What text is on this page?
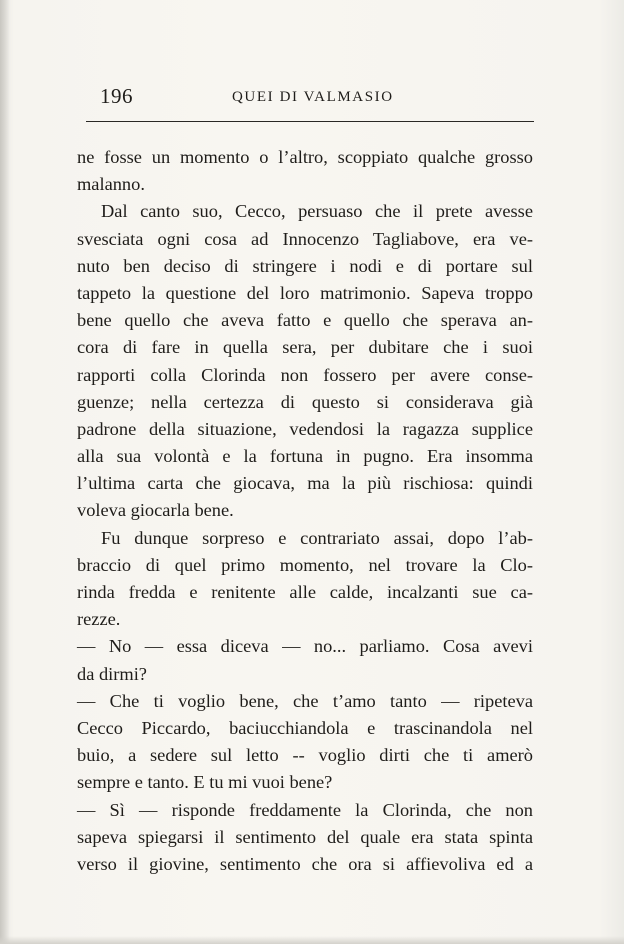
196	QUEI DI VALMASIO
ne fosse un momento o l’altro, scoppiato qualche grosso
malanno.
Dal canto suo, Cecco, persuaso che il prete avesse
svesciata ogni cosa ad Innocenzo Tagliabove, era ve-
nuto ben deciso di stringere i nodi e di portare sul
tappeto la questione del loro matrimonio. Sapeva troppo
bene quello che aveva fatto e quello che sperava an-
cora di fare in quella sera, per dubitare che i suoi
rapporti colla Clorinda non fossero per avere conse-
guenze; nella certezza di questo si considerava già
padrone della situazione, vedendosi la ragazza supplice
alla sua volontà e la fortuna in pugno. Era insomma
l’ultima carta che giocava, ma la più rischiosa: quindi
voleva giocarla bene.
Fu dunque sorpreso e contrariato assai, dopo l’ab-
braccio di quel primo momento, nel trovare la Clo-
rinda fredda e renitente alle calde, incalzanti sue ca-
rezze.
— No — essa diceva — no... parliamo. Cosa avevi
da dirmi?
— Che ti voglio bene, che t’amo tanto — ripeteva
Cecco Piccardo, baciucchiandola e trascinandola nel
buio, a sedere sul letto -- voglio dirti che ti amerò
sempre e tanto. E tu mi vuoi bene?
— Sì — risponde freddamente la Clorinda, che non
sapeva spiegarsi il sentimento del quale era stata spinta
verso il giovine, sentimento che ora si affievoliva ed a
